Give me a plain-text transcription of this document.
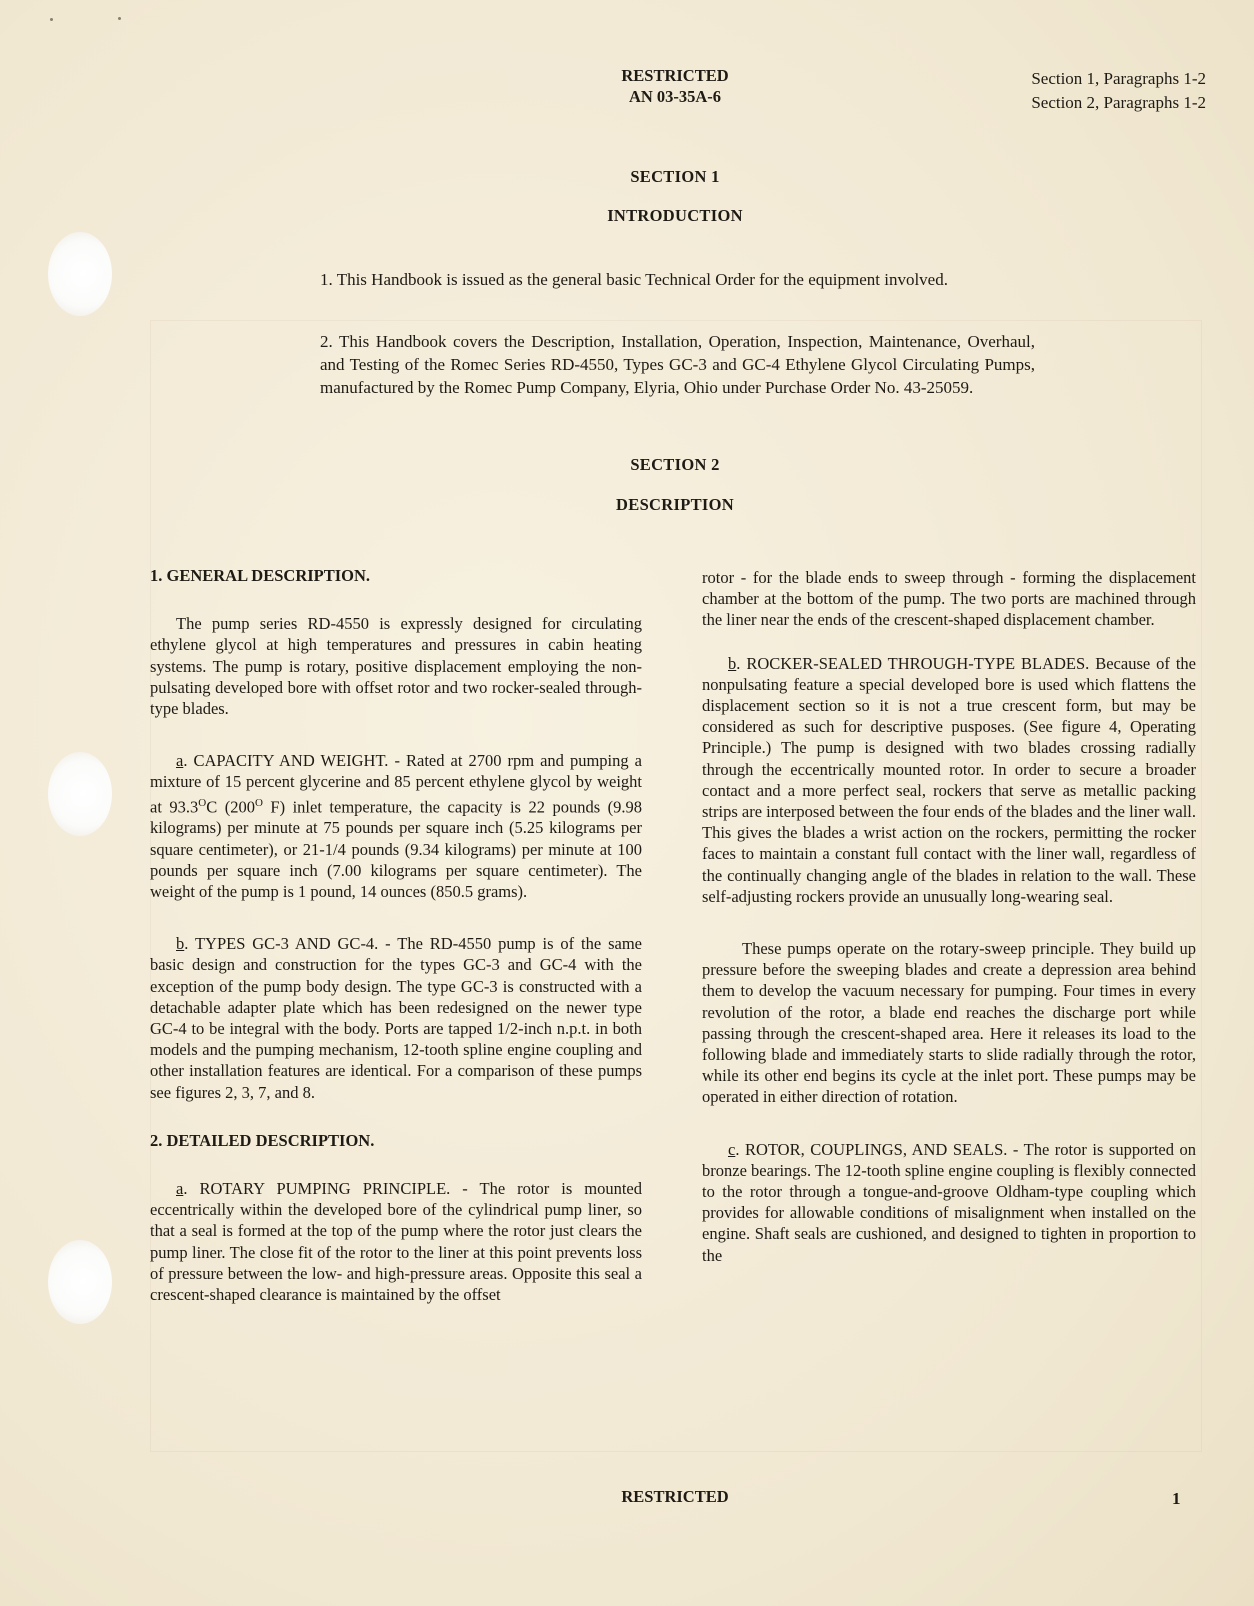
RESTRICTED
AN 03-35A-6
Section 1, Paragraphs 1-2
Section 2, Paragraphs 1-2
SECTION 1
INTRODUCTION

1. This Handbook is issued as the general basic Technical Order for the equipment involved.

2. This Handbook covers the Description, Installation, Operation, Inspection, Maintenance, Overhaul, and Testing of the Romec Series RD-4550, Types GC-3 and GC-4 Ethylene Glycol Circulating Pumps, manufactured by the Romec Pump Company, Elyria, Ohio under Purchase Order No. 43-25059.

SECTION 2
DESCRIPTION

1. GENERAL DESCRIPTION.

The pump series RD-4550 is expressly designed for circulating ethylene glycol at high temperatures and pressures in cabin heating systems. The pump is rotary, positive displacement employing the non-pulsating developed bore with offset rotor and two rocker-sealed through-type blades.

a. CAPACITY AND WEIGHT. - Rated at 2700 rpm and pumping a mixture of 15 percent glycerine and 85 percent ethylene glycol by weight at $93.3^OC$ ($200^O$ F) inlet temperature, the capacity is 22 pounds (9.98 kilograms) per minute at 75 pounds per square inch (5.25 kilograms per square centimeter), or 21-1/4 pounds (9.34 kilograms) per minute at 100 pounds per square inch (7.00 kilograms per square centimeter). The weight of the pump is 1 pound, 14 ounces (850.5 grams).

b. TYPES GC-3 AND GC-4. - The RD-4550 pump is of the same basic design and construction for the types GC-3 and GC-4 with the exception of the pump body design. The type GC-3 is constructed with a detachable adapter plate which has been redesigned on the newer type GC-4 to be integral with the body. Ports are tapped 1/2-inch n.p.t. in both models and the pumping mechanism, 12-tooth spline engine coupling and other installation features are identical. For a comparison of these pumps see figures 2, 3, 7, and 8.

2. DETAILED DESCRIPTION.

a. ROTARY PUMPING PRINCIPLE. - The rotor is mounted eccentrically within the developed bore of the cylindrical pump liner, so that a seal is formed at the top of the pump where the rotor just clears the pump liner. The close fit of the rotor to the liner at this point prevents loss of pressure between the low- and high-pressure areas. Opposite this seal a crescent-shaped clearance is maintained by the offset

rotor - for the blade ends to sweep through - forming the displacement chamber at the bottom of the pump. The two ports are machined through the liner near the ends of the crescent-shaped displacement chamber.

b. ROCKER-SEALED THROUGH-TYPE BLADES. Because of the nonpulsating feature a special developed bore is used which flattens the displacement section so it is not a true crescent form, but may be considered as such for descriptive pusposes. (See figure 4, Operating Principle.) The pump is designed with two blades crossing radially through the eccentrically mounted rotor. In order to secure a broader contact and a more perfect seal, rockers that serve as metallic packing strips are interposed between the four ends of the blades and the liner wall. This gives the blades a wrist action on the rockers, permitting the rocker faces to maintain a constant full contact with the liner wall, regardless of the continually changing angle of the blades in relation to the wall. These self-adjusting rockers provide an unusually long-wearing seal.

These pumps operate on the rotary-sweep principle. They build up pressure before the sweeping blades and create a depression area behind them to develop the vacuum necessary for pumping. Four times in every revolution of the rotor, a blade end reaches the discharge port while passing through the crescent-shaped area. Here it releases its load to the following blade and immediately starts to slide radially through the rotor, while its other end begins its cycle at the inlet port. These pumps may be operated in either direction of rotation.

c. ROTOR, COUPLINGS, AND SEALS. - The rotor is supported on bronze bearings. The 12-tooth spline engine coupling is flexibly connected to the rotor through a tongue-and-groove Oldham-type coupling which provides for allowable conditions of misalignment when installed on the engine. Shaft seals are cushioned, and designed to tighten in proportion to the

RESTRICTED	1
